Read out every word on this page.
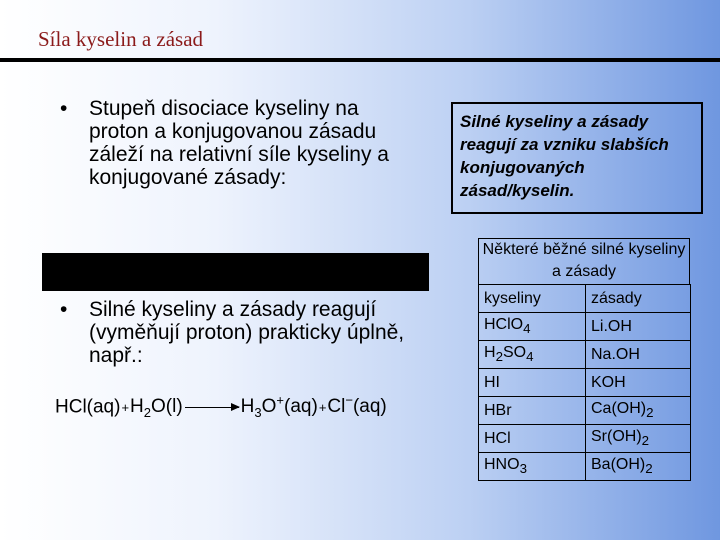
Síla kyselin a zásad
• Stupeň disociace kyseliny na proton a konjugovanou zásadu záleží na relativní síle kyseliny a konjugované zásady:
• Silné kyseliny a zásady reagují (vyměňují proton) prakticky úplně, např.:
$HCl(aq)+H_2O(l) \to H_3O^+(aq)+Cl^-(aq)$
Silné kyseliny a zásady reagují za vzniku slabších konjugovaných zásad/kyselin.
Některé běžné silné kyseliny a zásady
kyseliny	zásady
HClO$_4$	Li.OH
$H_2SO_4$	Na.OH
HI	KOH
HBr	$Ca(OH)_2$
HCl	$Sr(OH)_2$
$HNO_3$	$Ba(OH)_2$
